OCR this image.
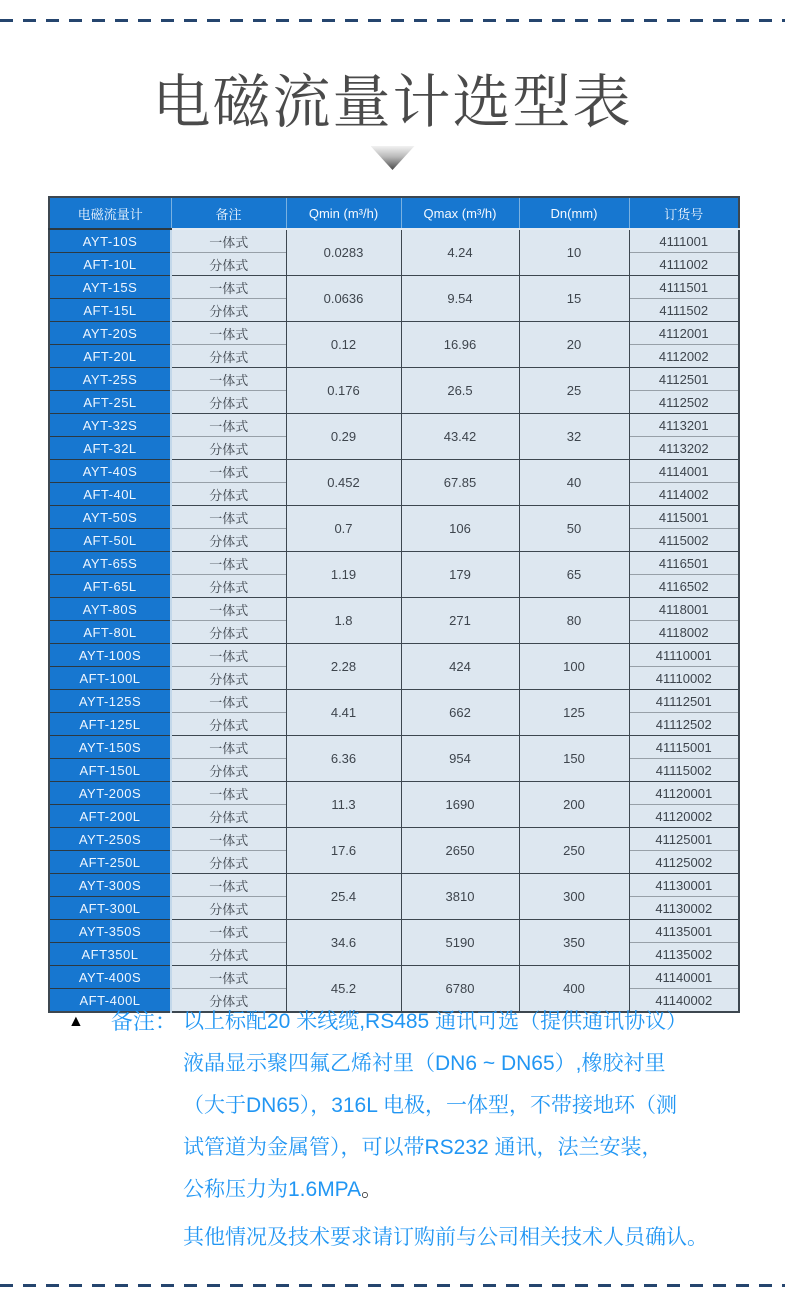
电磁流量计选型表
电磁流量计	备注	Qmin (m³/h)	Qmax (m³/h)	Dn(mm)	订货号
AYT-10S	一体式	0.0283	4.24	10	4111001
AFT-10L	分体式				4111002
AYT-15S	一体式	0.0636	9.54	15	4111501
AFT-15L	分体式				4111502
AYT-20S	一体式	0.12	16.96	20	4112001
AFT-20L	分体式				4112002
AYT-25S	一体式	0.176	26.5	25	4112501
AFT-25L	分体式				4112502
AYT-32S	一体式	0.29	43.42	32	4113201
AFT-32L	分体式				4113202
AYT-40S	一体式	0.452	67.85	40	4114001
AFT-40L	分体式				4114002
AYT-50S	一体式	0.7	106	50	4115001
AFT-50L	分体式				4115002
AYT-65S	一体式	1.19	179	65	4116501
AFT-65L	分体式				4116502
AYT-80S	一体式	1.8	271	80	4118001
AFT-80L	分体式				4118002
AYT-100S	一体式	2.28	424	100	41110001
AFT-100L	分体式				41110002
AYT-125S	一体式	4.41	662	125	41112501
AFT-125L	分体式				41112502
AYT-150S	一体式	6.36	954	150	41115001
AFT-150L	分体式				41115002
AYT-200S	一体式	11.3	1690	200	41120001
AFT-200L	分体式				41120002
AYT-250S	一体式	17.6	2650	250	41125001
AFT-250L	分体式				41125002
AYT-300S	一体式	25.4	3810	300	41130001
AFT-300L	分体式				41130002
AYT-350S	一体式	34.6	5190	350	41135001
AFT350L	分体式				41135002
AYT-400S	一体式	45.2	6780	400	41140001
AFT-400L	分体式				41140002
▲ 备注： 以上标配20 米线缆,RS485 通讯可选（提供通讯协议）
液晶显示聚四氟乙烯衬里（DN6 ~ DN65）,橡胶衬里
（大于DN65），316L 电极，一体型，不带接地环（测
试管道为金属管），可以带RS232 通讯，法兰安装，
公称压力为1.6MPA。
其他情况及技术要求请订购前与公司相关技术人员确认。
